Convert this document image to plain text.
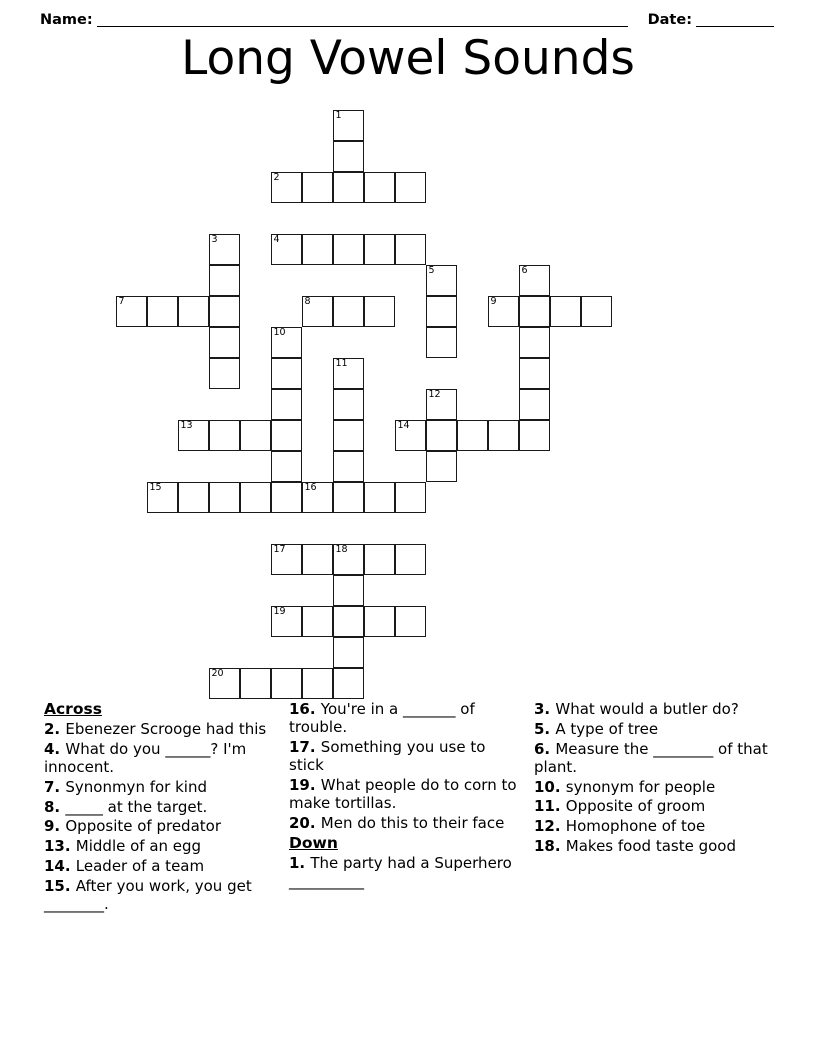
Name:	Date:
Long Vowel Sounds
1
2
3	4
5	6
7	8	9
10
11
12
13	14
15	16
17	18
19
20
Across
2. Ebenezer Scrooge had this
4. What do you ______? I'm innocent.
7. Synonmyn for kind
8. _____ at the target.
9. Opposite of predator
13. Middle of an egg
14. Leader of a team
15. After you work, you get ________.
16. You're in a _______ of trouble.
17. Something you use to stick
19. What people do to corn to make tortillas.
20. Men do this to their face
Down
1. The party had a Superhero __________
3. What would a butler do?
5. A type of tree
6. Measure the ________ of that plant.
10. synonym for people
11. Opposite of groom
12. Homophone of toe
18. Makes food taste good
